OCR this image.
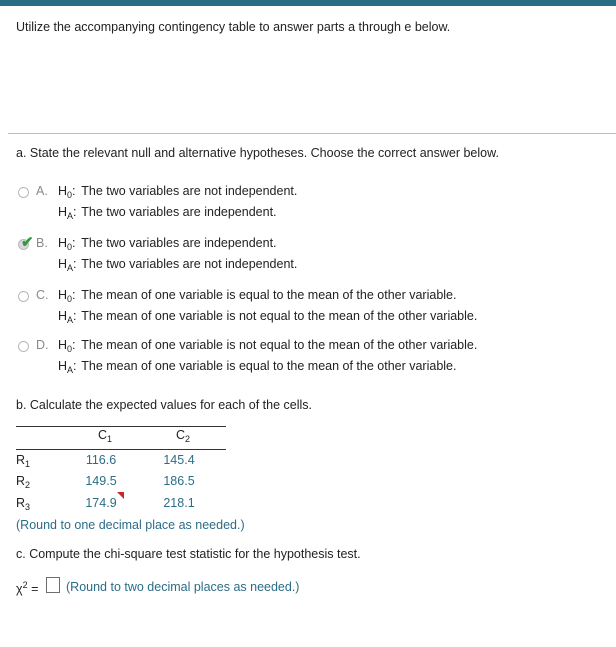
Utilize the accompanying contingency table to answer parts a through e below.
a. State the relevant null and alternative hypotheses. Choose the correct answer below.
A. $H_0$: The two variables are not independent.
$H_A$: The two variables are independent.
✔ B. $H_0$: The two variables are independent.
$H_A$: The two variables are not independent.
C. $H_0$: The mean of one variable is equal to the mean of the other variable.
$H_A$: The mean of one variable is not equal to the mean of the other variable.
D. $H_0$: The mean of one variable is not equal to the mean of the other variable.
$H_A$: The mean of one variable is equal to the mean of the other variable.
b. Calculate the expected values for each of the cells.
$C_1$	$C_2$
$R_1$	116.6	145.4
$R_2$	149.5	186.5
$R_3$	174.9	218.1
(Round to one decimal place as needed.)
c. Compute the chi-square test statistic for the hypothesis test.
$\chi^2$ = (Round to two decimal places as needed.)
